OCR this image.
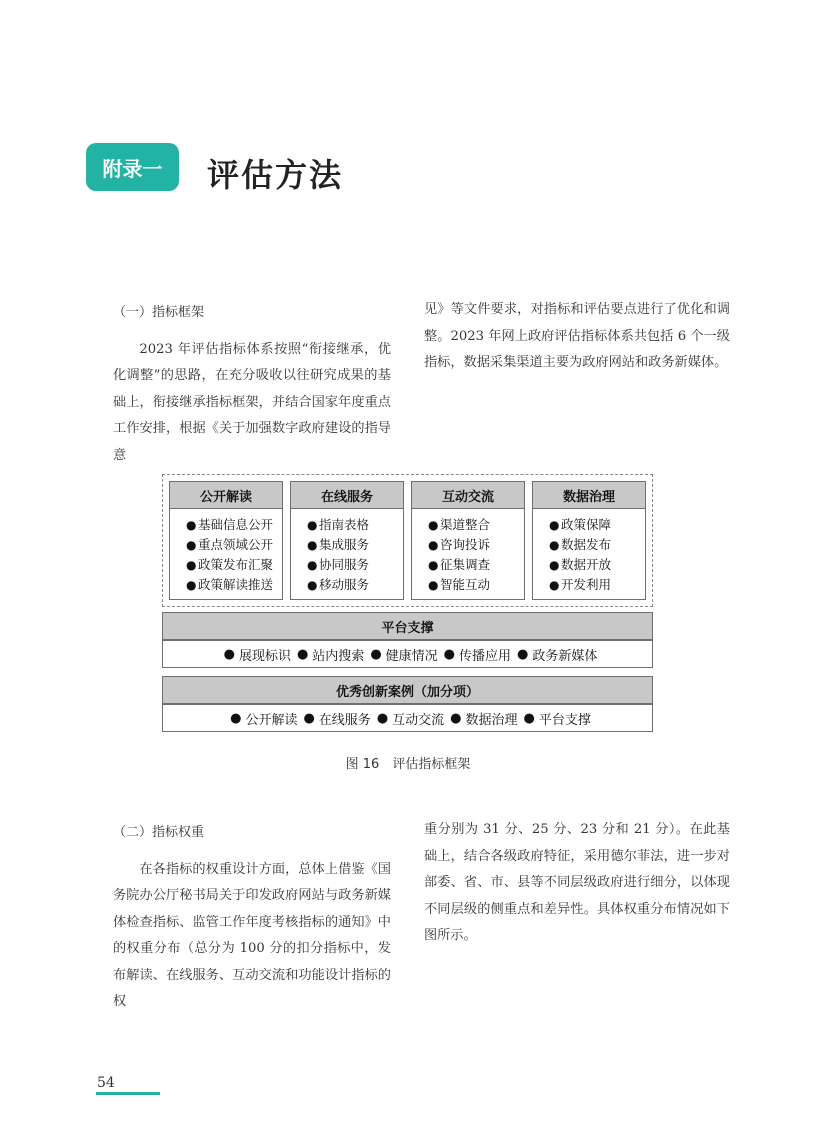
附录一 评估方法
（一）指标框架

2023 年评估指标体系按照“衔接继承，优化调整”的思路，在充分吸收以往研究成果的基础上，衔接继承指标框架，并结合国家年度重点工作安排，根据《关于加强数字政府建设的指导意

见》等文件要求，对指标和评估要点进行了优化和调整。2023 年网上政府评估指标体系共包括 6 个一级指标，数据采集渠道主要为政府网站和政务新媒体。

公开解读
● 基础信息公开
● 重点领域公开
● 政策发布汇聚
● 政策解读推送
在线服务
● 指南表格
● 集成服务
● 协同服务
● 移动服务
互动交流
● 渠道整合
● 咨询投诉
● 征集调查
● 智能互动
数据治理
● 政策保障
● 数据发布
● 数据开放
● 开发利用
平台支撑
● 展现标识 ● 站内搜索 ● 健康情况 ● 传播应用 ● 政务新媒体
优秀创新案例（加分项）
● 公开解读 ● 在线服务 ● 互动交流 ● 数据治理 ● 平台支撑
图 16　评估指标框架
（二）指标权重

在各指标的权重设计方面，总体上借鉴《国务院办公厅秘书局关于印发政府网站与政务新媒体检查指标、监管工作年度考核指标的通知》中的权重分布（总分为 100 分的扣分指标中，发布解读、在线服务、互动交流和功能设计指标的权

重分别为 31 分、25 分、23 分和 21 分）。在此基础上，结合各级政府特征，采用德尔菲法，进一步对部委、省、市、县等不同层级政府进行细分，以体现不同层级的侧重点和差异性。具体权重分布情况如下图所示。

54
